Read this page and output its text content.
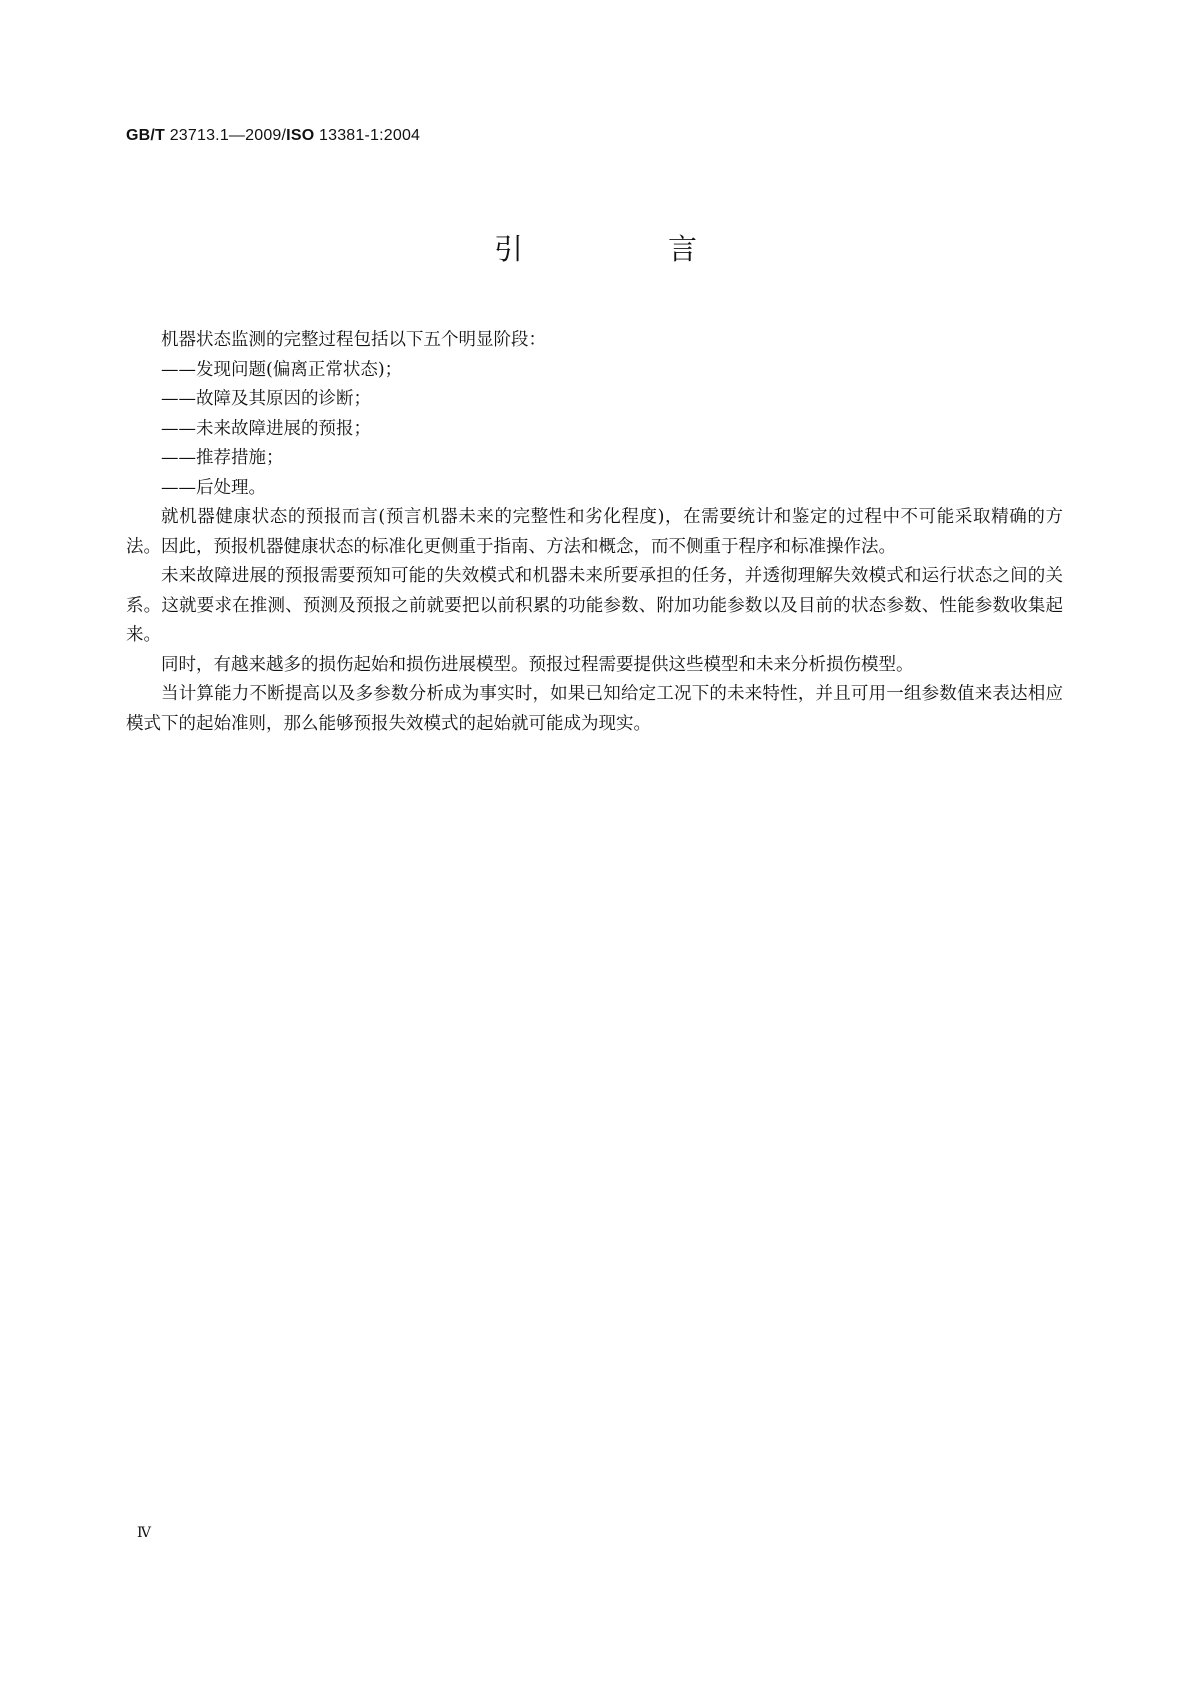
GB/T 23713.1—2009/ISO 13381-1:2004
引　言

机器状态监测的完整过程包括以下五个明显阶段：

——发现问题(偏离正常状态)；
——故障及其原因的诊断；
——未来故障进展的预报；
——推荐措施；
——后处理。

就机器健康状态的预报而言(预言机器未来的完整性和劣化程度)，在需要统计和鉴定的过程中不可能采取精确的方法。因此，预报机器健康状态的标准化更侧重于指南、方法和概念，而不侧重于程序和标准操作法。

未来故障进展的预报需要预知可能的失效模式和机器未来所要承担的任务，并透彻理解失效模式和运行状态之间的关系。这就要求在推测、预测及预报之前就要把以前积累的功能参数、附加功能参数以及目前的状态参数、性能参数收集起来。

同时，有越来越多的损伤起始和损伤进展模型。预报过程需要提供这些模型和未来分析损伤模型。

当计算能力不断提高以及多参数分析成为事实时，如果已知给定工况下的未来特性，并且可用一组参数值来表达相应模式下的起始准则，那么能够预报失效模式的起始就可能成为现实。

Ⅳ
